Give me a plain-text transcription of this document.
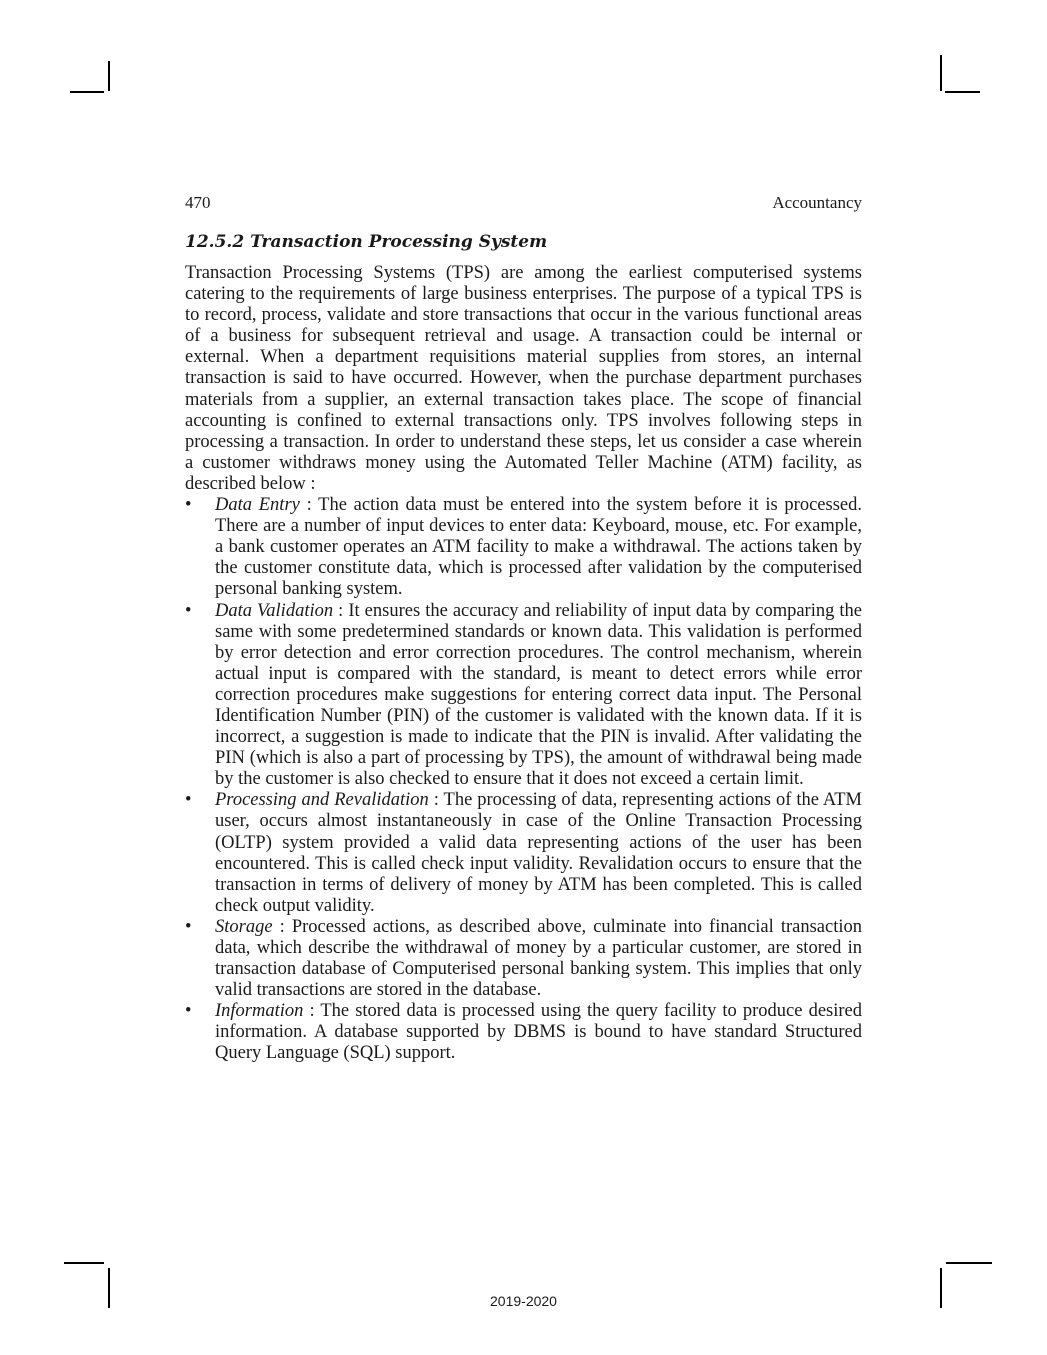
470	Accountancy
12.5.2 Transaction Processing System

Transaction Processing Systems (TPS) are among the earliest computerised systems catering to the requirements of large business enterprises. The purpose of a typical TPS is to record, process, validate and store transactions that occur in the various functional areas of a business for subsequent retrieval and usage. A transaction could be internal or external. When a department requisitions material supplies from stores, an internal transaction is said to have occurred. However, when the purchase department purchases materials from a supplier, an external transaction takes place. The scope of financial accounting is confined to external transactions only. TPS involves following steps in processing a transaction. In order to understand these steps, let us consider a case wherein a customer withdraws money using the Automated Teller Machine (ATM) facility, as described below :

• Data Entry : The action data must be entered into the system before it is processed. There are a number of input devices to enter data: Keyboard, mouse, etc. For example, a bank customer operates an ATM facility to make a withdrawal. The actions taken by the customer constitute data, which is processed after validation by the computerised personal banking system.
• Data Validation : It ensures the accuracy and reliability of input data by comparing the same with some predetermined standards or known data. This validation is performed by error detection and error correction procedures. The control mechanism, wherein actual input is compared with the standard, is meant to detect errors while error correction procedures make suggestions for entering correct data input. The Personal Identification Number (PIN) of the customer is validated with the known data. If it is incorrect, a suggestion is made to indicate that the PIN is invalid. After validating the PIN (which is also a part of processing by TPS), the amount of withdrawal being made by the customer is also checked to ensure that it does not exceed a certain limit.
• Processing and Revalidation : The processing of data, representing actions of the ATM user, occurs almost instantaneously in case of the Online Transaction Processing (OLTP) system provided a valid data representing actions of the user has been encountered. This is called check input validity. Revalidation occurs to ensure that the transaction in terms of delivery of money by ATM has been completed. This is called check output validity.
• Storage : Processed actions, as described above, culminate into financial transaction data, which describe the withdrawal of money by a particular customer, are stored in transaction database of Computerised personal banking system. This implies that only valid transactions are stored in the database.
• Information : The stored data is processed using the query facility to produce desired information. A database supported by DBMS is bound to have standard Structured Query Language (SQL) support.
2019-2020
